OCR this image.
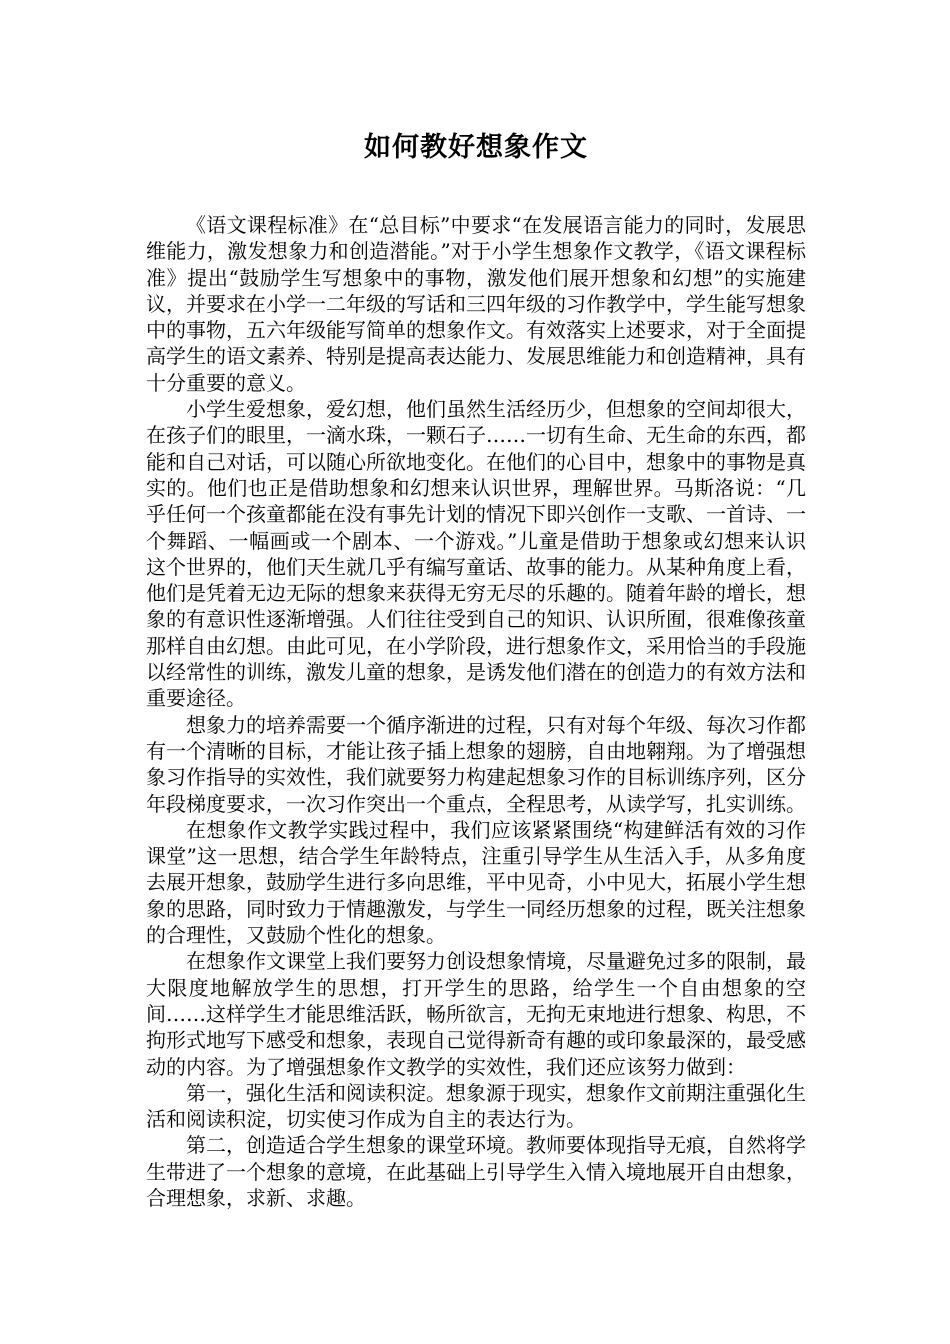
如何教好想象作文

《语文课程标准》在“总目标”中要求“在发展语言能力的同时，发展思维能力，激发想象力和创造潜能。”对于小学生想象作文教学，《语文课程标准》提出“鼓励学生写想象中的事物，激发他们展开想象和幻想”的实施建议，并要求在小学一二年级的写话和三四年级的习作教学中，学生能写想象中的事物，五六年级能写简单的想象作文。有效落实上述要求，对于全面提高学生的语文素养、特别是提高表达能力、发展思维能力和创造精神，具有十分重要的意义。

小学生爱想象，爱幻想，他们虽然生活经历少，但想象的空间却很大，在孩子们的眼里，一滴水珠，一颗石子……一切有生命、无生命的东西，都能和自己对话，可以随心所欲地变化。在他们的心目中，想象中的事物是真实的。他们也正是借助想象和幻想来认识世界，理解世界。马斯洛说：“几乎任何一个孩童都能在没有事先计划的情况下即兴创作一支歌、一首诗、一个舞蹈、一幅画或一个剧本、一个游戏。”儿童是借助于想象或幻想来认识这个世界的，他们天生就几乎有编写童话、故事的能力。从某种角度上看，他们是凭着无边无际的想象来获得无穷无尽的乐趣的。随着年龄的增长，想象的有意识性逐渐增强。人们往往受到自己的知识、认识所囿，很难像孩童那样自由幻想。由此可见，在小学阶段，进行想象作文，采用恰当的手段施以经常性的训练，激发儿童的想象，是诱发他们潜在的创造力的有效方法和重要途径。

想象力的培养需要一个循序渐进的过程，只有对每个年级、每次习作都有一个清晰的目标，才能让孩子插上想象的翅膀，自由地翱翔。为了增强想象习作指导的实效性，我们就要努力构建起想象习作的目标训练序列，区分年段梯度要求，一次习作突出一个重点，全程思考，从读学写，扎实训练。

在想象作文教学实践过程中，我们应该紧紧围绕“构建鲜活有效的习作课堂”这一思想，结合学生年龄特点，注重引导学生从生活入手，从多角度去展开想象，鼓励学生进行多向思维，平中见奇，小中见大，拓展小学生想象的思路，同时致力于情趣激发，与学生一同经历想象的过程，既关注想象的合理性，又鼓励个性化的想象。

在想象作文课堂上我们要努力创设想象情境，尽量避免过多的限制，最大限度地解放学生的思想，打开学生的思路，给学生一个自由想象的空间……这样学生才能思维活跃，畅所欲言，无拘无束地进行想象、构思，不拘形式地写下感受和想象，表现自己觉得新奇有趣的或印象最深的，最受感动的内容。为了增强想象作文教学的实效性，我们还应该努力做到：

第一，强化生活和阅读积淀。想象源于现实，想象作文前期注重强化生活和阅读积淀，切实使习作成为自主的表达行为。

第二，创造适合学生想象的课堂环境。教师要体现指导无痕，自然将学生带进了一个想象的意境，在此基础上引导学生入情入境地展开自由想象，合理想象，求新、求趣。
